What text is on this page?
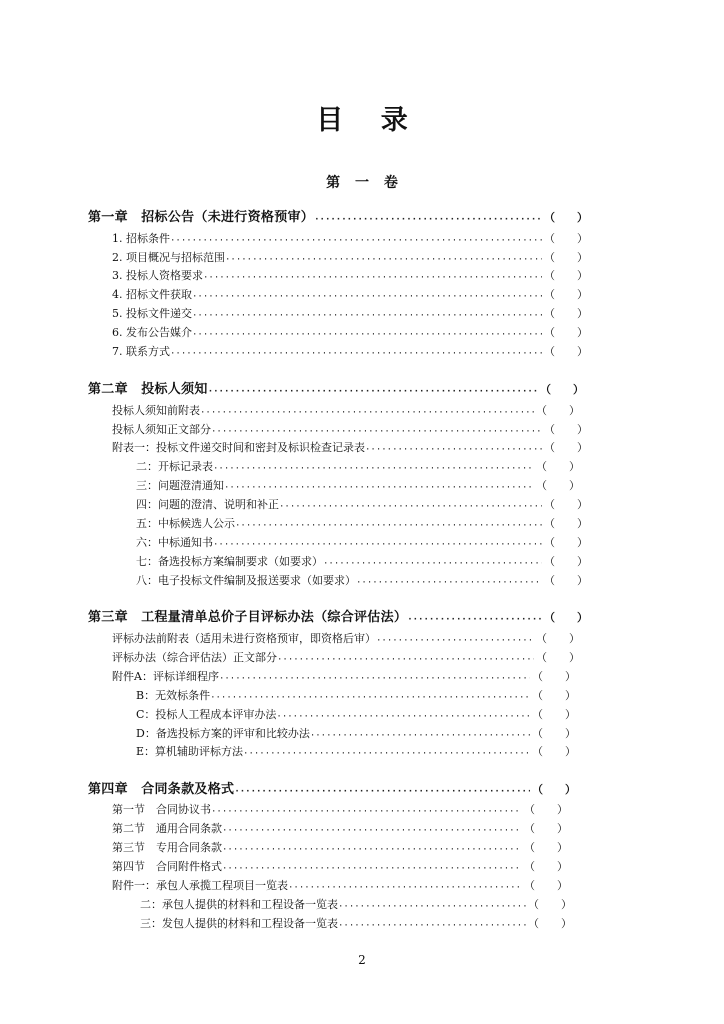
目 录
第 一 卷
第一章　招标公告（未进行资格预审） ·····	（ ）
1. 招标条件 ·····	（ ）
2. 项目概况与招标范围 ·····	（ ）
3. 投标人资格要求 ·····	（ ）
4. 招标文件获取 ·····	（ ）
5. 投标文件递交 ·····	（ ）
6. 发布公告媒介 ·····	（ ）
7. 联系方式 ·····	（ ）
第二章　投标人须知 ·····	（ ）
投标人须知前附表 ·····	（ ）
投标人须知正文部分 ·····	（ ）
附表一：投标文件递交时间和密封及标识检查记录表 ·····	（ ）
二：开标记录表 ·····	（ ）
三：问题澄清通知 ·····	（ ）
四：问题的澄清、说明和补正 ·····	（ ）
五：中标候选人公示 ·····	（ ）
六：中标通知书 ·····	（ ）
七：备选投标方案编制要求（如要求） ·····	（ ）
八：电子投标文件编制及报送要求（如要求） ·····	（ ）
第三章　工程量清单总价子目评标办法（综合评估法） ·····	（ ）
评标办法前附表（适用未进行资格预审，即资格后审） ·····	（ ）
评标办法（综合评估法）正文部分 ·····	（ ）
附件A：评标详细程序 ·····	（ ）
B：无效标条件 ·····	（ ）
C：投标人工程成本评审办法 ·····	（ ）
D：备选投标方案的评审和比较办法 ·····	（ ）
E：算机辅助评标方法 ·····	（ ）
第四章　合同条款及格式 ·····	（ ）
第一节　合同协议书 ·····	（ ）
第二节　通用合同条款 ·····	（ ）
第三节　专用合同条款 ·····	（ ）
第四节　合同附件格式 ·····	（ ）
附件一：承包人承揽工程项目一览表 ·····	（ ）
二：承包人提供的材料和工程设备一览表 ·····	（ ）
三：发包人提供的材料和工程设备一览表 ·····	（ ）
2
